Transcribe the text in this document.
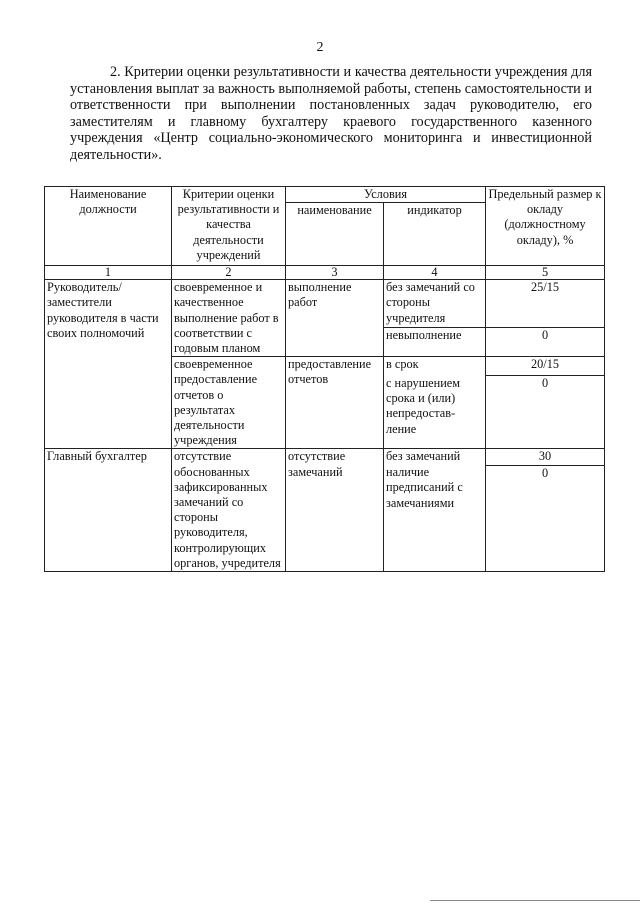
2
2. Критерии оценки результативности и качества деятельности учреждения для установления выплат за важность выполняемой работы, степень самостоятельности и ответственности при выполнении постановленных задач руководителю, его заместителям и главному бухгалтеру краевого государственного казенного учреждения «Центр социально-экономического мониторинга и инвестиционной деятельности».
Наименование должности	Критерии оценки результативности и качества деятельности учреждений	Условия		Предельный размер к окладу (должностному окладу), %
		наименование	индикатор	
1	2	3	4	5
Руководитель/ заместители руководителя в части своих полномочий	своевременное и качественное выполнение работ в соответствии с годовым планом	выполнение работ	без замечаний со стороны учредителя	25/15
			невыполнение	0
	своевременное предоставление отчетов о результатах деятельности учреждения	предоставление отчетов	в срок	20/15
			с нарушением срока и (или) непредостав-ление	0
Главный бухгалтер	отсутствие обоснованных зафиксированных замечаний со стороны руководителя, контролирующих органов, учредителя	отсутствие замечаний	без замечаний	30
			наличие предписаний с замечаниями	0
